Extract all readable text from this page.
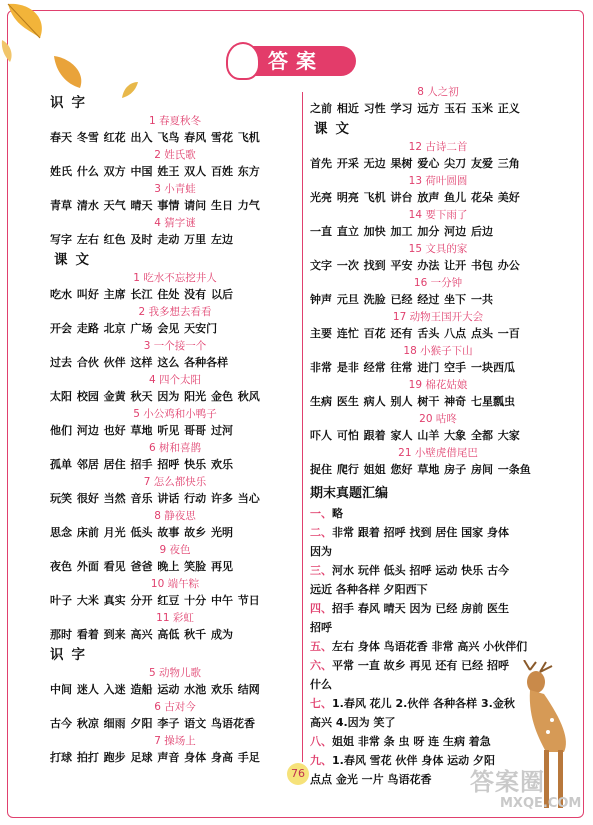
答案
识字
1 春夏秋冬
春天 冬雪 红花 出入 飞鸟 春风 雪花 飞机
2 姓氏歌
姓氏 什么 双方 中国 姓王 双人 百姓 东方
3 小青蛙
青草 清水 天气 晴天 事情 请问 生日 力气
4 猜字谜
写字 左右 红色 及时 走动 万里 左边
课文
1 吃水不忘挖井人
吃水 叫好 主席 长江 住处 没有 以后
2 我多想去看看
开会 走路 北京 广场 会见 天安门
3 一个接一个
过去 合伙 伙伴 这样 这么 各种各样
4 四个太阳
太阳 校园 金黄 秋天 因为 阳光 金色 秋风
5 小公鸡和小鸭子
他们 河边 也好 草地 听见 哥哥 过河
6 树和喜鹊
孤单 邻居 居住 招手 招呼 快乐 欢乐
7 怎么都快乐
玩笑 很好 当然 音乐 讲话 行动 许多 当心
8 静夜思
思念 床前 月光 低头 故事 故乡 光明
9 夜色
夜色 外面 看见 爸爸 晚上 笑脸 再见
10 端午粽
叶子 大米 真实 分开 红豆 十分 中午 节日
11 彩虹
那时 看着 到来 高兴 高低 秋千 成为
识字
5 动物儿歌
中间 迷人 入迷 造船 运动 水池 欢乐 结网
6 古对今
古今 秋凉 细雨 夕阳 李子 语文 鸟语花香
7 操场上
打球 拍打 跑步 足球 声音 身体 身高 手足
8 人之初
之前 相近 习性 学习 远方 玉石 玉米 正义
课文
12 古诗二首
首先 开采 无边 果树 爱心 尖刀 友爱 三角
13 荷叶圆圆
光亮 明亮 飞机 讲台 放声 鱼儿 花朵 美好
14 要下雨了
一直 直立 加快 加工 加分 河边 后边
15 文具的家
文字 一次 找到 平安 办法 让开 书包 办公
16 一分钟
钟声 元旦 洗脸 已经 经过 坐下 一共
17 动物王国开大会
主要 连忙 百花 还有 舌头 八点 点头 一百
18 小猴子下山
非常 是非 经常 往常 进门 空手 一块西瓜
19 棉花姑娘
生病 医生 病人 别人 树干 神奇 七星瓢虫
20 咕咚
吓人 可怕 跟着 家人 山羊 大象 全都 大家
21 小壁虎借尾巴
捉住 爬行 姐姐 您好 草地 房子 房间 一条鱼
期末真题汇编
一、略
二、非常 跟着 招呼 找到 居住 国家 身体
因为
三、河水 玩伴 低头 招呼 运动 快乐 古今
远近 各种各样 夕阳西下
四、招手 春风 晴天 因为 已经 房前 医生
招呼
五、左右 身体 鸟语花香 非常 高兴 小伙伴们
六、平常 一直 故乡 再见 还有 已经 招呼
什么
七、1.春风 花儿 2.伙伴 各种各样 3.金秋
高兴 4.因为 笑了
八、姐姐 非常 条 虫 呀 连 生病 着急
九、1.春风 雪花 伙伴 身体 运动 夕阳
点点 金光 一片 鸟语花香
76	答案圈
MXQE.COM
